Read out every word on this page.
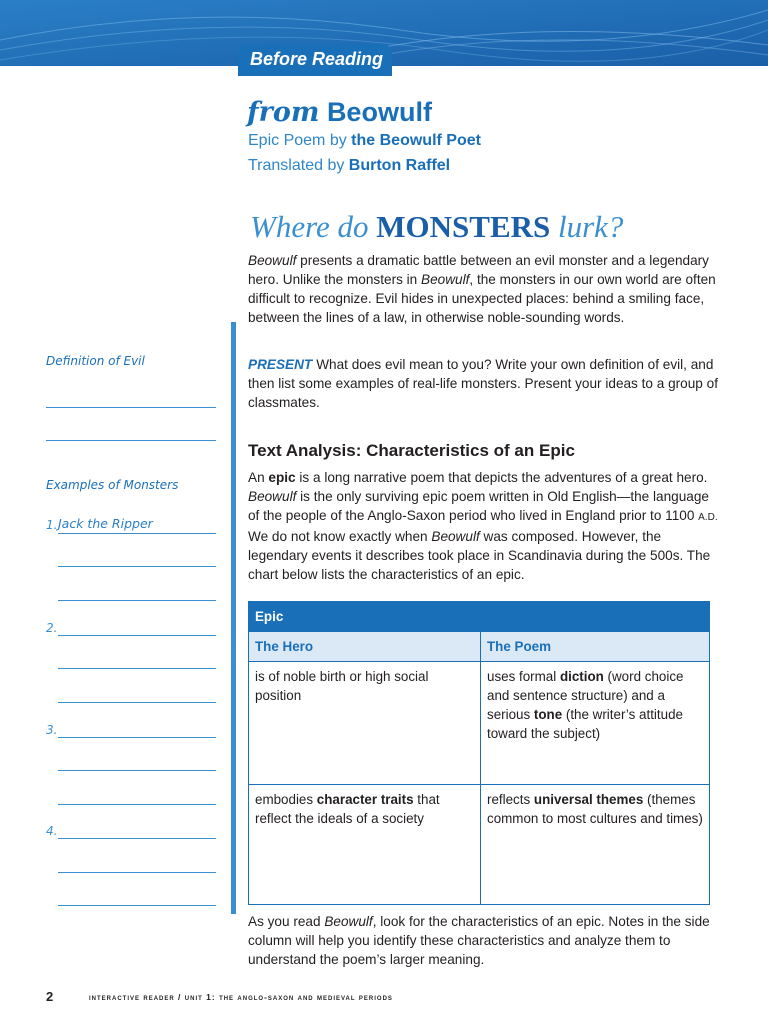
Before Reading
from Beowulf
Epic Poem by the Beowulf Poet
Translated by Burton Raffel
Where do MONSTERS lurk?
Beowulf presents a dramatic battle between an evil monster and a legendary hero. Unlike the monsters in Beowulf, the monsters in our own world are often difficult to recognize. Evil hides in unexpected places: behind a smiling face, between the lines of a law, in otherwise noble-sounding words.
PRESENT What does evil mean to you? Write your own definition of evil, and then list some examples of real-life monsters. Present your ideas to a group of classmates.
Definition of Evil
Examples of Monsters
1. Jack the Ripper
2.
3.
4.
Text Analysis: Characteristics of an Epic
An epic is a long narrative poem that depicts the adventures of a great hero. Beowulf is the only surviving epic poem written in Old English—the language of the people of the Anglo-Saxon period who lived in England prior to 1100 A.D. We do not know exactly when Beowulf was composed. However, the legendary events it describes took place in Scandinavia during the 500s. The chart below lists the characteristics of an epic.
Epic	
The Hero	The Poem
is of noble birth or high social position	uses formal diction (word choice and sentence structure) and a serious tone (the writer’s attitude toward the subject)
embodies character traits that reflect the ideals of a society	reflects universal themes (themes common to most cultures and times)
As you read Beowulf, look for the characteristics of an epic. Notes in the side column will help you identify these characteristics and analyze them to understand the poem’s larger meaning.
2	interactive reader / unit 1: the anglo-saxon and medieval periods
